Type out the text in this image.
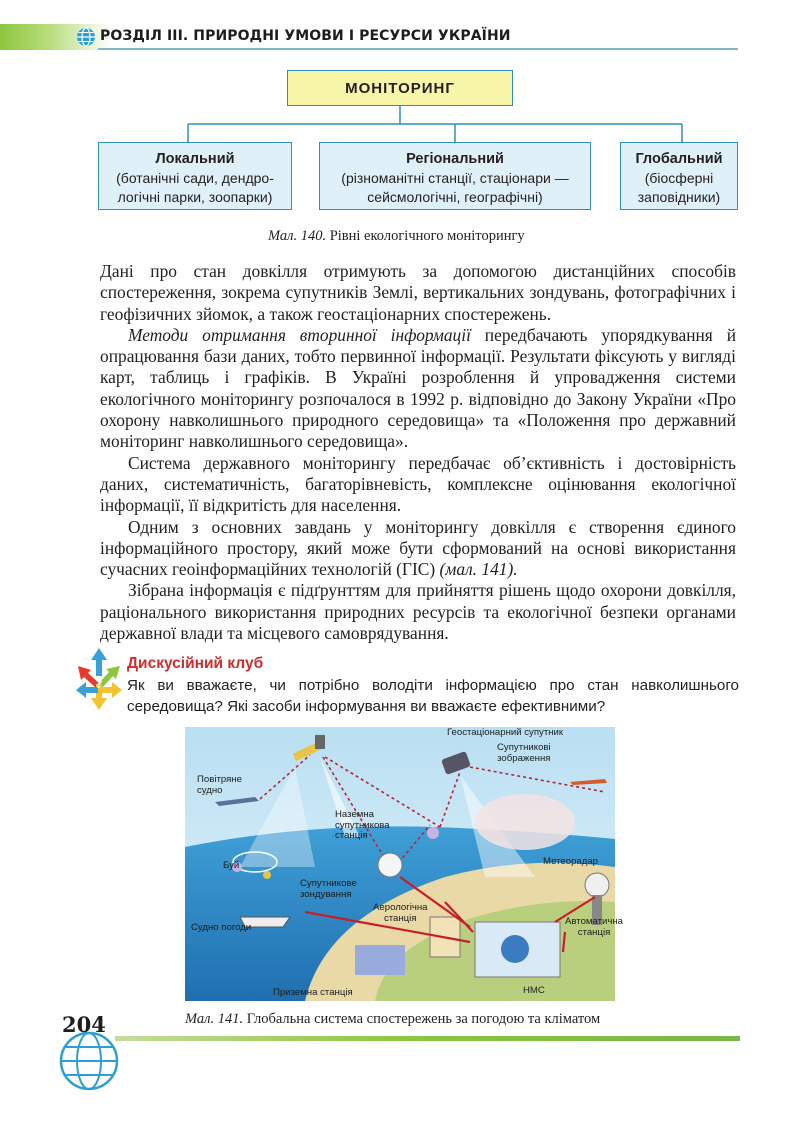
РОЗДІЛ III. ПРИРОДНІ УМОВИ І РЕСУРСИ УКРАЇНИ
МОНІТОРИНГ
Локальний
(ботанічні сади, дендро-
логічні парки, зоопарки)
Регіональний
(різноманітні станції, стаціонари —
сейсмологічні, географічні)
Глобальний
(біосферні
заповідники)
Мал. 140. Рівні екологічного моніторингу

Дані про стан довкілля отримують за допомогою дистанційних способів спостереження, зокрема супутників Землі, вертикальних зондувань, фотографічних і геофізичних зйомок, а також геостаціонарних спостережень.

Методи отримання вторинної інформації передбачають упорядкування й опрацювання бази даних, тобто первинної інформації. Результати фіксують у вигляді карт, таблиць і графіків. В Україні розроблення й упровадження системи екологічного моніторингу розпочалося в 1992 р. відповідно до Закону України «Про охорону навколишнього природного середовища» та «Положення про державний моніторинг навколишнього середовища».

Система державного моніторингу передбачає об’єктивність і достовірність даних, систематичність, багаторівневість, комплексне оцінювання екологічної інформації, її відкритість для населення.

Одним з основних завдань у моніторингу довкілля є створення єдиного інформаційного простору, який може бути сформований на основі використання сучасних геоінформаційних технологій (ГІС) (мал. 141).

Зібрана інформація є підґрунттям для прийняття рішень щодо охорони довкілля, раціонального використання природних ресурсів та екологічної безпеки органами державної влади та місцевого самоврядування.

?
Дискусійний клуб
Як ви вважаєте, чи потрібно володіти інформацією про стан навколишнього середовища? Які засоби інформування ви вважаєте ефективними?
Геостаціонарний супутник
Супутникові
зображення
Повітряне
судно
Наземна
супутникова
станція
Буй	Метеорадар
Супутникове
зондування
Аерологічна
станція
Судно погоди
Автоматична
станція
Приземна станція	НМС
Мал. 141. Глобальна система спостережень за погодою та кліматом
204
